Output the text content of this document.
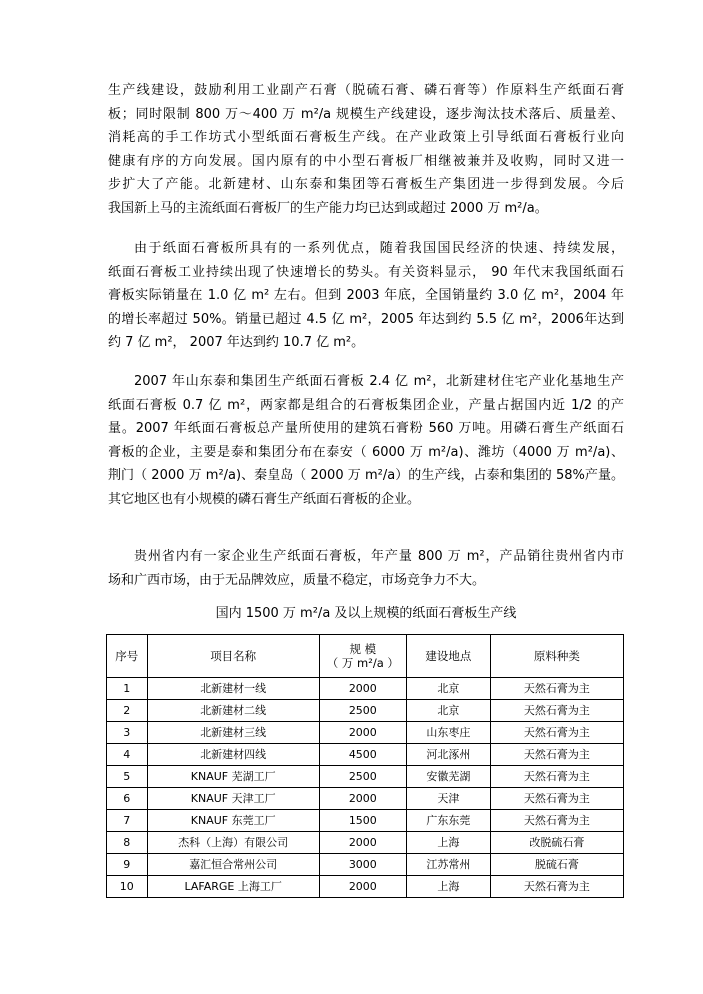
生产线建设，鼓励利用工业副产石膏（脱硫石膏、磷石膏等）作原料生产纸面石膏
板；同时限制 800 万～400 万 m²/a 规模生产线建设，逐步淘汰技术落后、质量差、
消耗高的手工作坊式小型纸面石膏板生产线。在产业政策上引导纸面石膏板行业向
健康有序的方向发展。国内原有的中小型石膏板厂相继被兼并及收购，同时又进一
步扩大了产能。北新建材、山东泰和集团等石膏板生产集团进一步得到发展。今后
我国新上马的主流纸面石膏板厂的生产能力均已达到或超过 2000 万 m²/a。
由于纸面石膏板所具有的一系列优点，随着我国国民经济的快速、持续发展，
纸面石膏板工业持续出现了快速增长的势头。有关资料显示， 90 年代末我国纸面石
膏板实际销量在 1.0 亿 m² 左右。但到 2003 年底，全国销量约 3.0 亿 m²，2004 年
的增长率超过 50%。销量已超过 4.5 亿 m²，2005 年达到约 5.5 亿 m²，2006年达到
约 7 亿 m²， 2007 年达到约 10.7 亿 m²。
2007 年山东泰和集团生产纸面石膏板 2.4 亿 m²，北新建材住宅产业化基地生产
纸面石膏板 0.7 亿 m²，两家都是组合的石膏板集团企业，产量占据国内近 1/2 的产
量。2007 年纸面石膏板总产量所使用的建筑石膏粉 560 万吨。用磷石膏生产纸面石
膏板的企业，主要是泰和集团分布在泰安（ 6000 万 m²/a)、潍坊（4000 万 m²/a)、
荆门（ 2000 万 m²/a)、秦皇岛（ 2000 万 m²/a）的生产线，占泰和集团的 58%产量。
其它地区也有小规模的磷石膏生产纸面石膏板的企业。
贵州省内有一家企业生产纸面石膏板，年产量 800 万 m²，产品销往贵州省内市
场和广西市场，由于无品牌效应，质量不稳定，市场竞争力不大。
国内 1500 万 m²/a 及以上规模的纸面石膏板生产线
序号	项目名称	规 模
（ 万 m²/a ）	建设地点	原料种类
1	北新建材一线	2000	北京	天然石膏为主
2	北新建材二线	2500	北京	天然石膏为主
3	北新建材三线	2000	山东枣庄	天然石膏为主
4	北新建材四线	4500	河北涿州	天然石膏为主
5	KNAUF 芜湖工厂	2500	安徽芜湖	天然石膏为主
6	KNAUF 天津工厂	2000	天津	天然石膏为主
7	KNAUF 东莞工厂	1500	广东东莞	天然石膏为主
8	杰科（上海）有限公司	2000	上海	改脱硫石膏
9	嘉汇恒合常州公司	3000	江苏常州	脱硫石膏
10	LAFARGE 上海工厂	2000	上海	天然石膏为主
